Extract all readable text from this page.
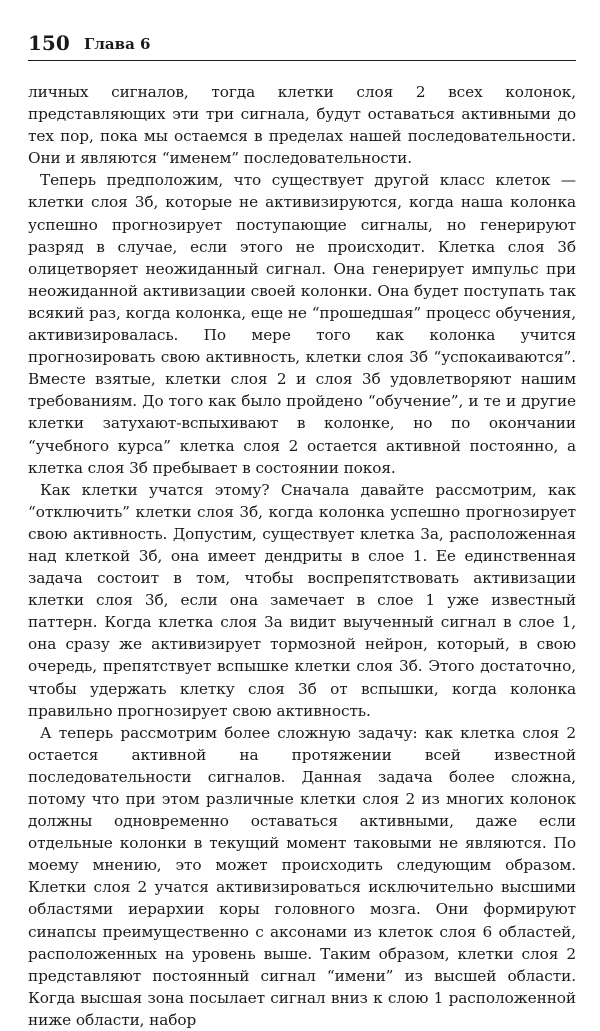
150 Глава 6

личных сигналов, тогда клетки слоя 2 всех колонок, представляющих эти три сигнала, будут оставаться активными до тех пор, пока мы остаемся в пределах нашей последовательности. Они и являются “именем” последовательности.

Теперь предположим, что существует другой класс клеток — клетки слоя 3б, которые не активизируются, когда наша колонка успешно прогнозирует поступающие сигналы, но генерируют разряд в случае, если этого не происходит. Клетка слоя 3б олицетворяет неожиданный сигнал. Она генерирует импульс при неожиданной активизации своей колонки. Она будет поступать так всякий раз, когда колонка, еще не “прошедшая” процесс обучения, активизировалась. По мере того как колонка учится прогнозировать свою активность, клетки слоя 3б “успокаиваются”. Вместе взятые, клетки слоя 2 и слоя 3б удовлетворяют нашим требованиям. До того как было пройдено “обучение”, и те и другие клетки затухают-вспыхивают в колонке, но по окончании “учебного курса” клетка слоя 2 остается активной постоянно, а клетка слоя 3б пребывает в состоянии покоя.

Как клетки учатся этому? Сначала давайте рассмотрим, как “отключить” клетки слоя 3б, когда колонка успешно прогнозирует свою активность. Допустим, существует клетка 3а, расположенная над клеткой 3б, она имеет дендриты в слое 1. Ее единственная задача состоит в том, чтобы воспрепятствовать активизации клетки слоя 3б, если она замечает в слое 1 уже известный паттерн. Когда клетка слоя 3а видит выученный сигнал в слое 1, она сразу же активизирует тормозной нейрон, который, в свою очередь, препятствует вспышке клетки слоя 3б. Этого достаточно, чтобы удержать клетку слоя 3б от вспышки, когда колонка правильно прогнозирует свою активность.

А теперь рассмотрим более сложную задачу: как клетка слоя 2 остается активной на протяжении всей известной последовательности сигналов. Данная задача более сложна, потому что при этом различные клетки слоя 2 из многих колонок должны одновременно оставаться активными, даже если отдельные колонки в текущий момент таковыми не являются. По моему мнению, это может происходить следующим образом. Клетки слоя 2 учатся активизироваться исключительно высшими областями иерархии коры головного мозга. Они формируют синапсы преимущественно с аксонами из клеток слоя 6 областей, расположенных на уровень выше. Таким образом, клетки слоя 2 представляют постоянный сигнал “имени” из высшей области. Когда высшая зона посылает сигнал вниз к слою 1 расположенной ниже области, набор
